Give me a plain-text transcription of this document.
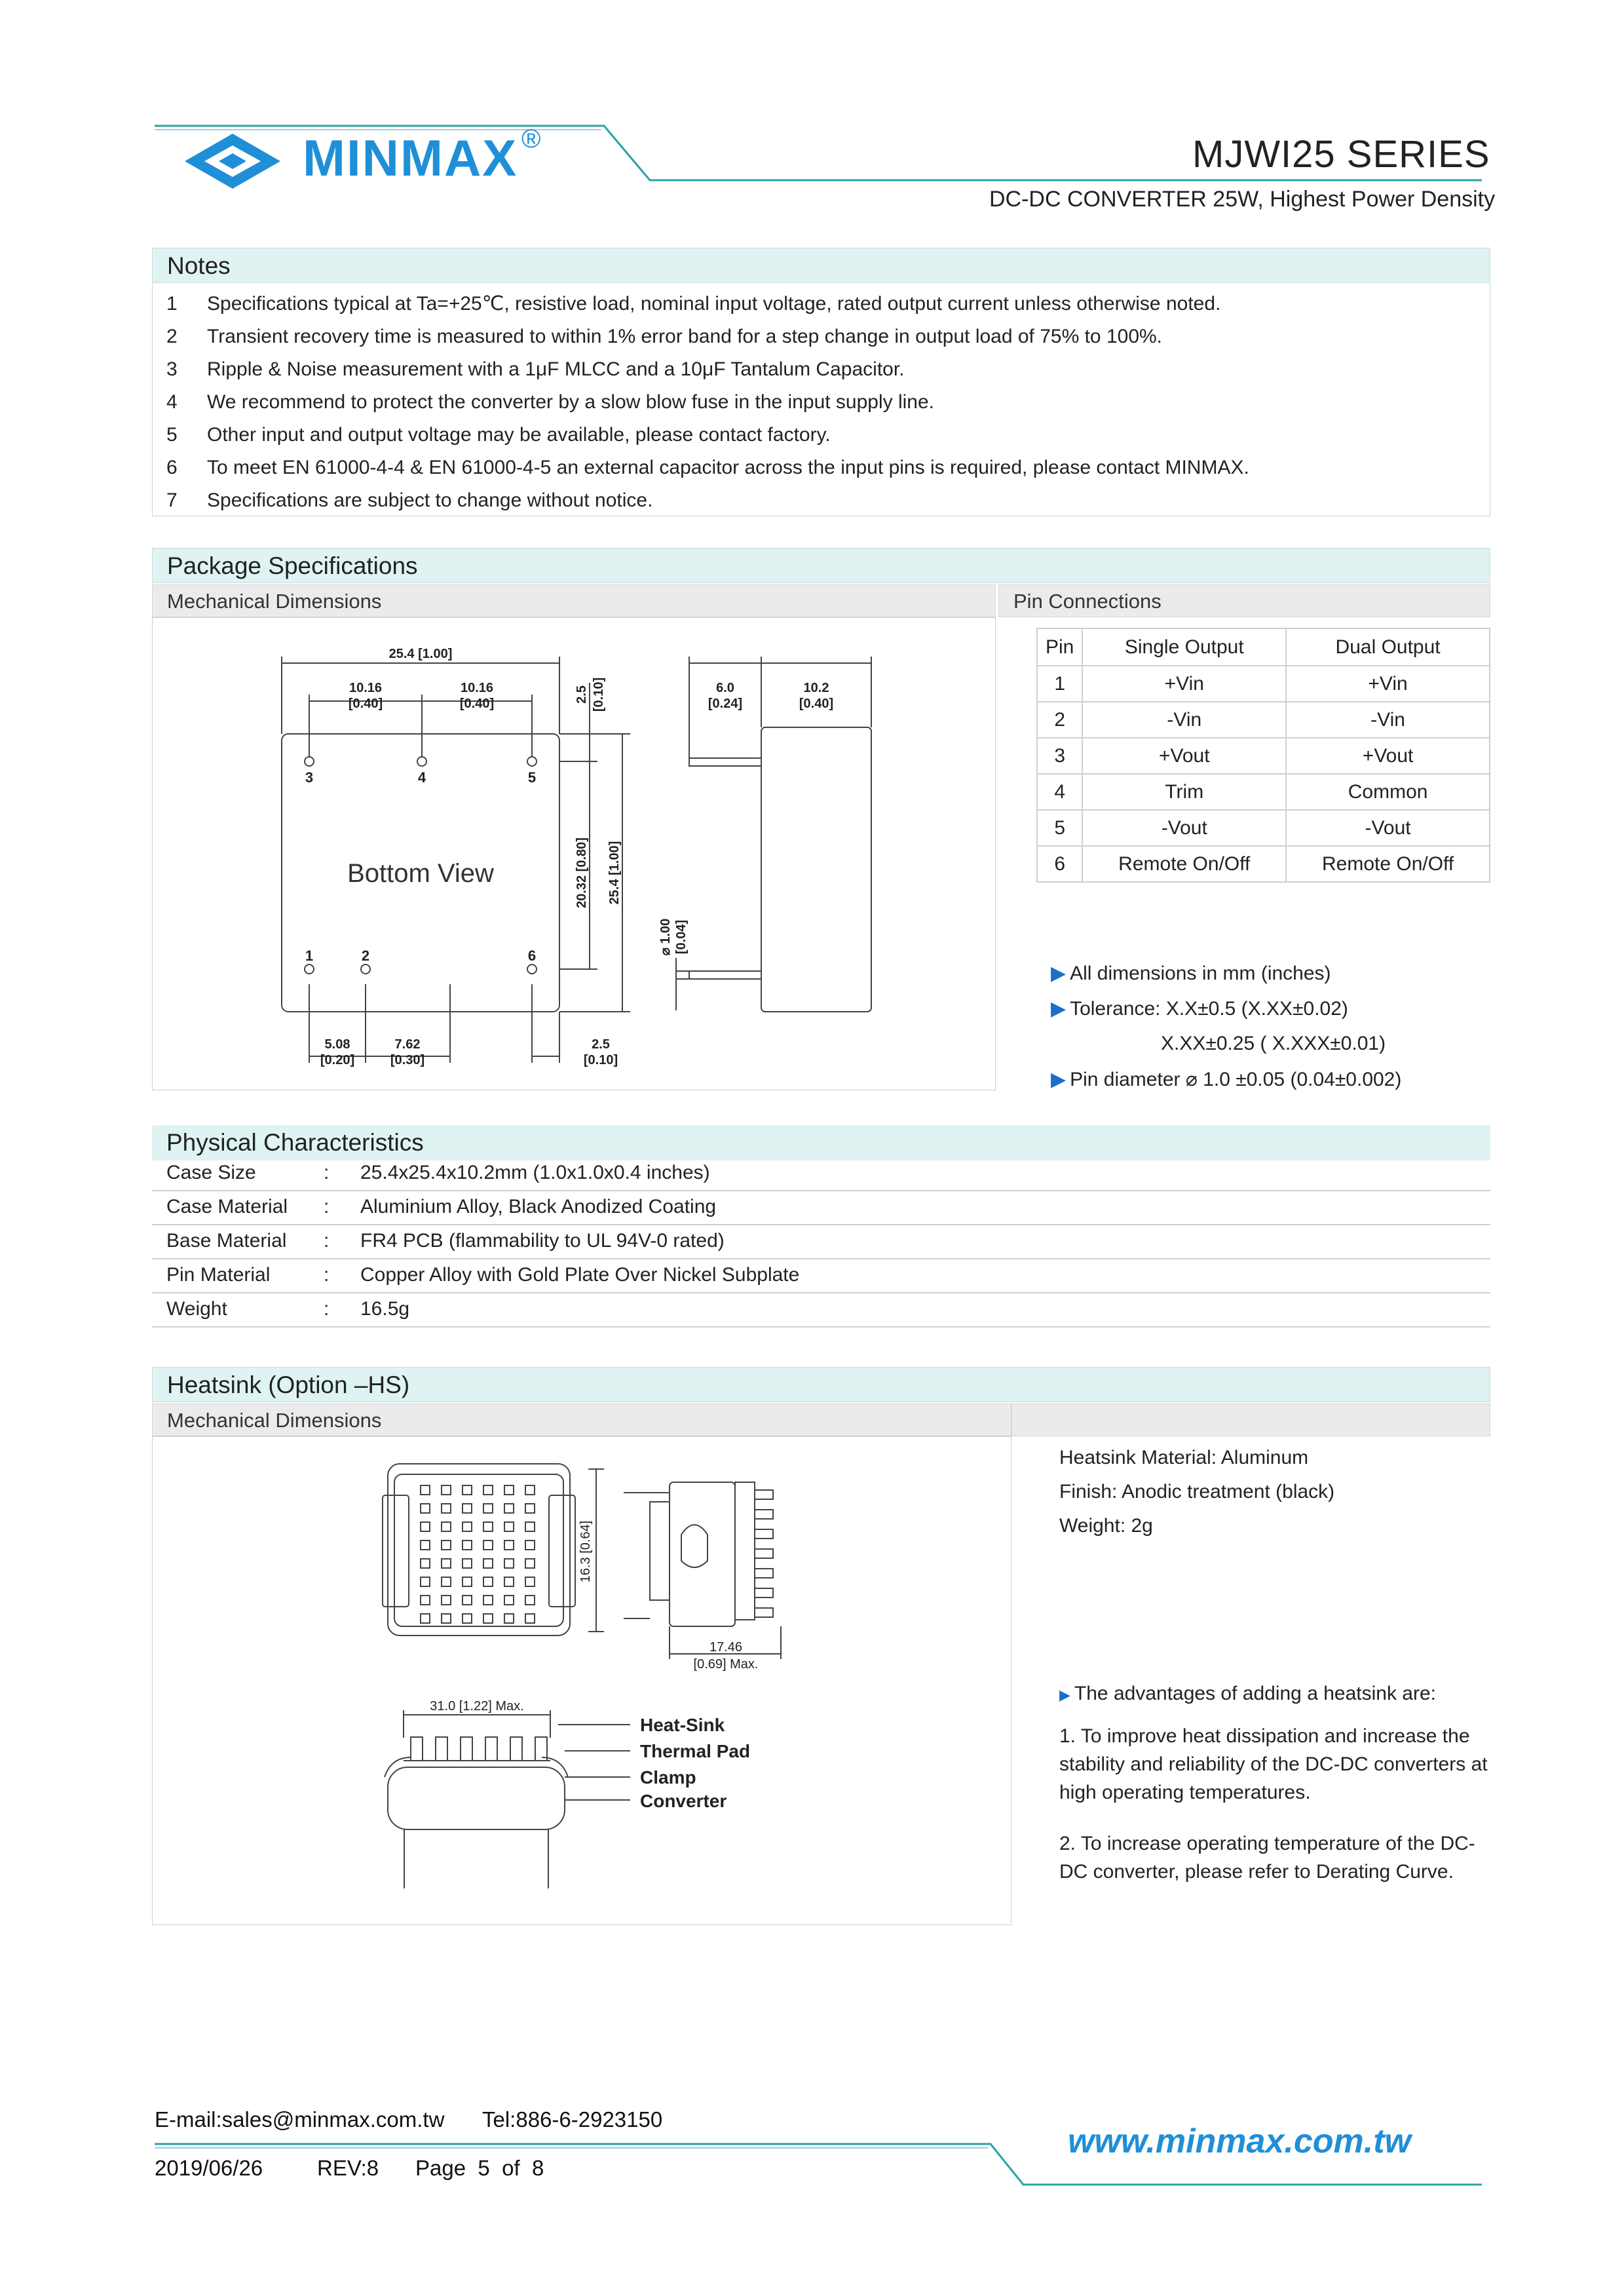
MINMAX ®	MJWI25 SERIES
DC-DC CONVERTER 25W, Highest Power Density
Notes
1	Specifications typical at Ta=+25℃, resistive load, nominal input voltage, rated output current unless otherwise noted.
2	Transient recovery time is measured to within 1% error band for a step change in output load of 75% to 100%.
3	Ripple & Noise measurement with a 1μF MLCC and a 10μF Tantalum Capacitor.
4	We recommend to protect the converter by a slow blow fuse in the input supply line.
5	Other input and output voltage may be available, please contact factory.
6	To meet EN 61000-4-4 & EN 61000-4-5 an external capacitor across the input pins is required, please contact MINMAX.
7	Specifications are subject to change without notice.
Package Specifications
Mechanical Dimensions	Pin Connections
3	4	5
1	2	6
Bottom View
25.4 [1.00]
10.16
[0.40]
10.16
[0.40]
6.0
[0.24]
10.2
[0.40]
5.08
[0.20]
7.62
[0.30]
2.5
[0.10]
2.5 [0.10]
20.32 [0.80] 25.4 [1.00]
⌀ 1.00 [0.04]
Pin	Single Output	Dual Output
1	+Vin	+Vin
2	-Vin	-Vin
3	+Vout	+Vout
4	Trim	Common
5	-Vout	-Vout
6	Remote On/Off	Remote On/Off
▶ All dimensions in mm (inches)
▶ Tolerance: X.X±0.5 (X.XX±0.02)
X.XX±0.25 ( X.XXX±0.01)
▶ Pin diameter ⌀ 1.0 ±0.05 (0.04±0.002)
Physical Characteristics
Case Size	: 25.4x25.4x10.2mm (1.0x1.0x0.4 inches)
Case Material : Aluminium Alloy, Black Anodized Coating
Base Material : FR4 PCB (flammability to UL 94V-0 rated)
Pin Material	: Copper Alloy with Gold Plate Over Nickel Subplate
Weight	: 16.5g
Heatsink (Option –HS)
Mechanical Dimensions
16.3 [0.64]
17.46
[0.69] Max.
31.0 [1.22] Max.
Heat-Sink
Thermal Pad
Clamp
Converter
Heatsink Material: Aluminum
Finish: Anodic treatment (black)
Weight: 2g
▶ The advantages of adding a heatsink are:
1. To improve heat dissipation and increase the stability and reliability of the DC-DC converters at high operating temperatures.
2. To increase operating temperature of the DC-DC converter, please refer to Derating Curve.
E-mail:sales@minmax.com.tw Tel:886-6-2923150
2019/06/26	REV:8 Page  5  of  8
www.minmax.com.tw
